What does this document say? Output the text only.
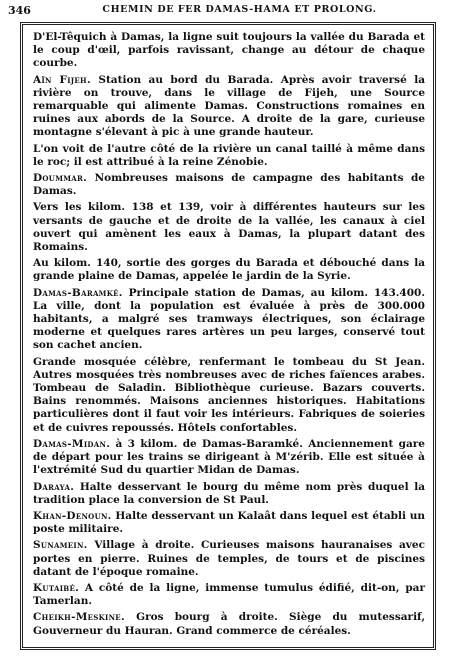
346	CHEMIN DE FER DAMAS-HAMA ET PROLONG.

D'El-Têquich à Damas, la ligne suit toujours la vallée du Barada et le coup d'œil, parfois ravissant, change au détour de chaque courbe.

Aïn Fijeh. Station au bord du Barada. Après avoir traversé la rivière on trouve, dans le village de Fijeh, une Source remarquable qui alimente Damas. Constructions romaines en ruines aux abords de la Source. A droite de la gare, curieuse montagne s'élevant à pic à une grande hauteur.

L'on voit de l'autre côté de la rivière un canal taillé à même dans le roc; il est attribué à la reine Zénobie.

Doummar. Nombreuses maisons de campagne des habitants de Damas.

Vers les kilom. 138 et 139, voir à différentes hauteurs sur les versants de gauche et de droite de la vallée, les canaux à ciel ouvert qui amènent les eaux à Damas, la plupart datant des Romains.

Au kilom. 140, sortie des gorges du Barada et débouché dans la grande plaine de Damas, appelée le jardin de la Syrie.

Damas-Baramké. Principale station de Damas, au kilom. 143.400. La ville, dont la population est évaluée à près de 300.000 habitants, a malgré ses tramways électriques, son éclairage moderne et quelques rares artères un peu larges, conservé tout son cachet ancien.

Grande mosquée célèbre, renfermant le tombeau du St Jean. Autres mosquées très nombreuses avec de riches faïences arabes. Tombeau de Saladin. Bibliothèque curieuse. Bazars couverts. Bains renommés. Maisons anciennes historiques. Habitations particulières dont il faut voir les intérieurs. Fabriques de soieries et de cuivres repoussés. Hôtels confortables.

Damas-Midan. à 3 kilom. de Damas-Baramké. Anciennement gare de départ pour les trains se dirigeant à M'zérib. Elle est située à l'extrémité Sud du quartier Midan de Damas.

Daraya. Halte desservant le bourg du même nom près duquel la tradition place la conversion de St Paul.

Khan-Denoun. Halte desservant un Kalaât dans lequel est établi un poste militaire.

Sunamein. Village à droite. Curieuses maisons hauranaises avec portes en pierre. Ruines de temples, de tours et de piscines datant de l'époque romaine.

Kutaibé. A côté de la ligne, immense tumulus édifié, dit-on, par Tamerlan.

Cheikh-Meskine. Gros bourg à droite. Siège du mutessarif, Gouverneur du Hauran. Grand commerce de céréales.
